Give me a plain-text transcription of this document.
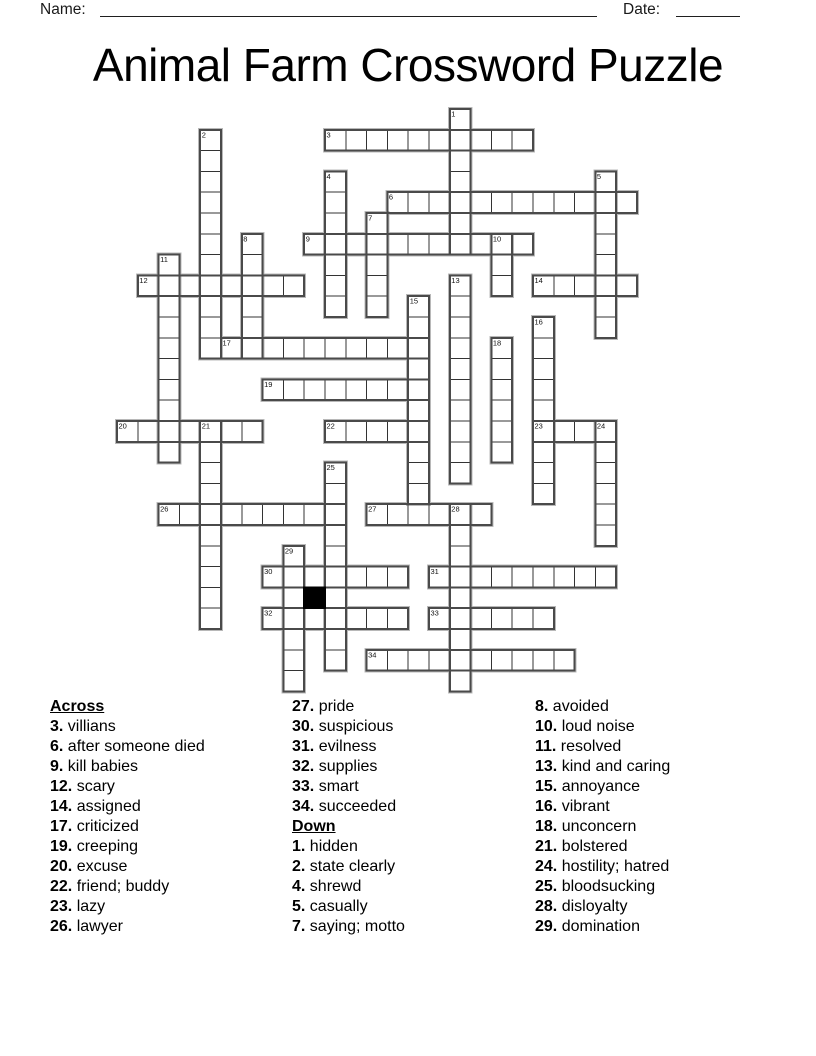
Name:	Date:
Animal Farm Crossword Puzzle
3
6
9
12	14
17
19
20	22	23
26	27
30	31
32	33
34
1
2
4	5
7
8	10
11
13
15
16
18
21	24
25
28
29
Across
3. villians
6. after someone died
9. kill babies
12. scary
14. assigned
17. criticized
19. creeping
20. excuse
22. friend; buddy
23. lazy
26. lawyer
27. pride
30. suspicious
31. evilness
32. supplies
33. smart
34. succeeded
Down
1. hidden
2. state clearly
4. shrewd
5. casually
7. saying; motto
8. avoided
10. loud noise
11. resolved
13. kind and caring
15. annoyance
16. vibrant
18. unconcern
21. bolstered
24. hostility; hatred
25. bloodsucking
28. disloyalty
29. domination
